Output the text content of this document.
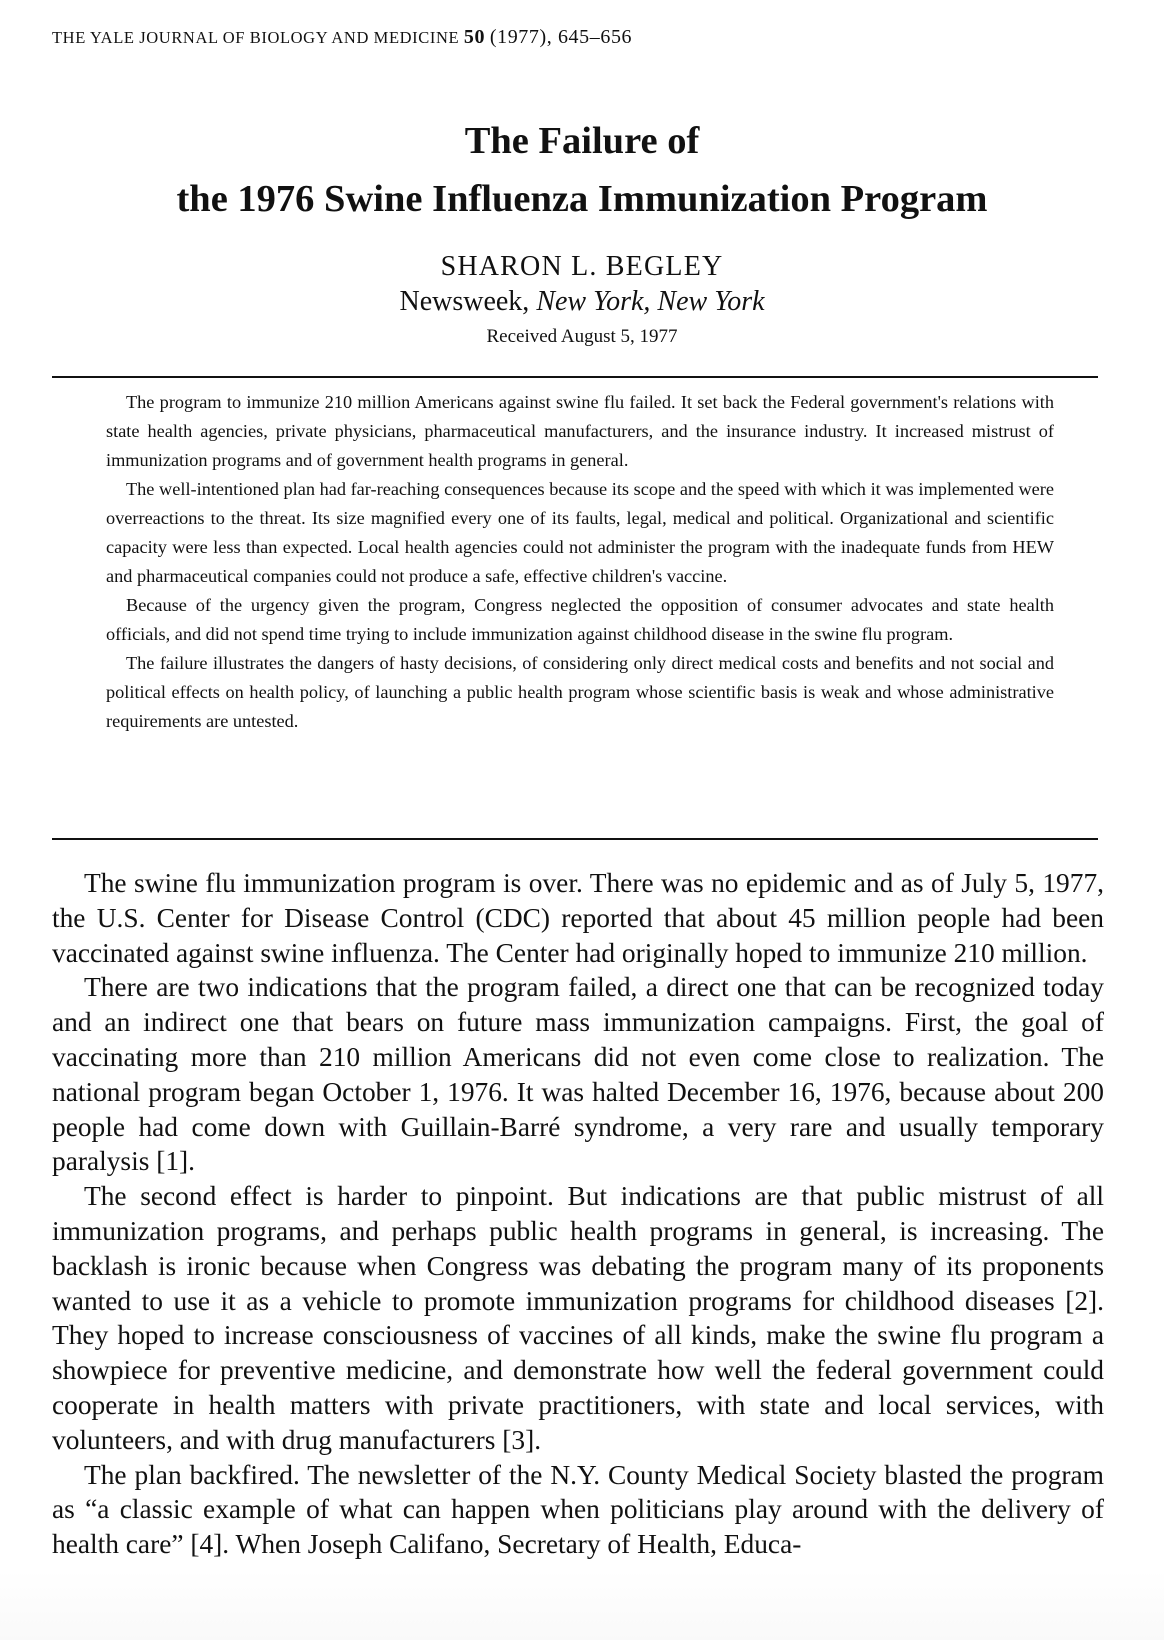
THE YALE JOURNAL OF BIOLOGY AND MEDICINE 50 (1977), 645–656
The Failure of
the 1976 Swine Influenza Immunization Program
SHARON L. BEGLEY
Newsweek, New York, New York
Received August 5, 1977

The program to immunize 210 million Americans against swine flu failed. It set back the Federal government's relations with state health agencies, private physicians, pharmaceutical manufacturers, and the insurance industry. It increased mistrust of immunization programs and of government health programs in general.

The well-intentioned plan had far-reaching consequences because its scope and the speed with which it was implemented were overreactions to the threat. Its size magnified every one of its faults, legal, medical and political. Organizational and scientific capacity were less than expected. Local health agencies could not administer the program with the inadequate funds from HEW and pharmaceutical companies could not produce a safe, effective children's vaccine.

Because of the urgency given the program, Congress neglected the opposition of consumer advocates and state health officials, and did not spend time trying to include immunization against childhood disease in the swine flu program.

The failure illustrates the dangers of hasty decisions, of considering only direct medical costs and benefits and not social and political effects on health policy, of launching a public health program whose scientific basis is weak and whose administrative requirements are untested.

The swine flu immunization program is over. There was no epidemic and as of July 5, 1977, the U.S. Center for Disease Control (CDC) reported that about 45 million people had been vaccinated against swine influenza. The Center had originally hoped to immunize 210 million.

There are two indications that the program failed, a direct one that can be recognized today and an indirect one that bears on future mass immunization campaigns. First, the goal of vaccinating more than 210 million Americans did not even come close to realization. The national program began October 1, 1976. It was halted December 16, 1976, because about 200 people had come down with Guillain-Barré syndrome, a very rare and usually temporary paralysis [1].

The second effect is harder to pinpoint. But indications are that public mistrust of all immunization programs, and perhaps public health programs in general, is increasing. The backlash is ironic because when Congress was debating the program many of its proponents wanted to use it as a vehicle to promote immunization programs for childhood diseases [2]. They hoped to increase consciousness of vaccines of all kinds, make the swine flu program a showpiece for preventive medicine, and demonstrate how well the federal government could cooperate in health matters with private practitioners, with state and local services, with volunteers, and with drug manufacturers [3].

The plan backfired. The newsletter of the N.Y. County Medical Society blasted the program as “a classic example of what can happen when politicians play around with the delivery of health care” [4]. When Joseph Califano, Secretary of Health, Educa-
